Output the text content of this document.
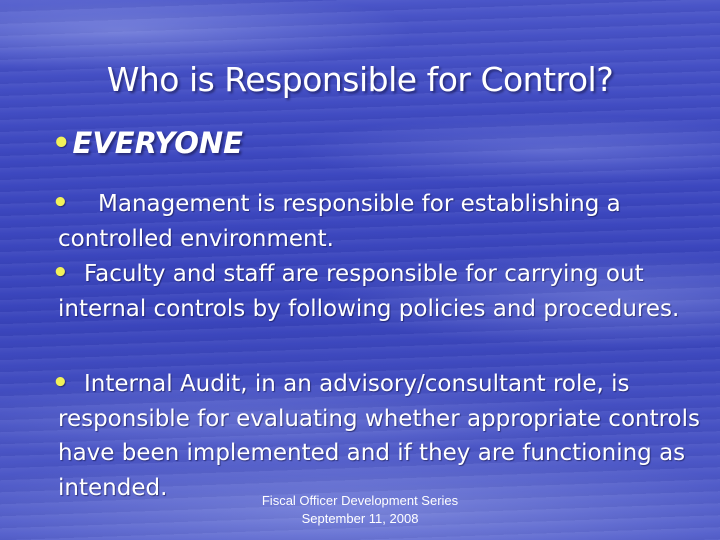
Who is Responsible for Control?
•EVERYONE
• Management is responsible for establishing a
controlled environment.
• Faculty and staff are responsible for carrying out

internal controls by following policies and procedures.
• Internal Audit, in an advisory/consultant role, is

responsible for evaluating whether appropriate controls have been implemented and if they are functioning as intended.	Fiscal Officer Development Series
September 11, 2008
